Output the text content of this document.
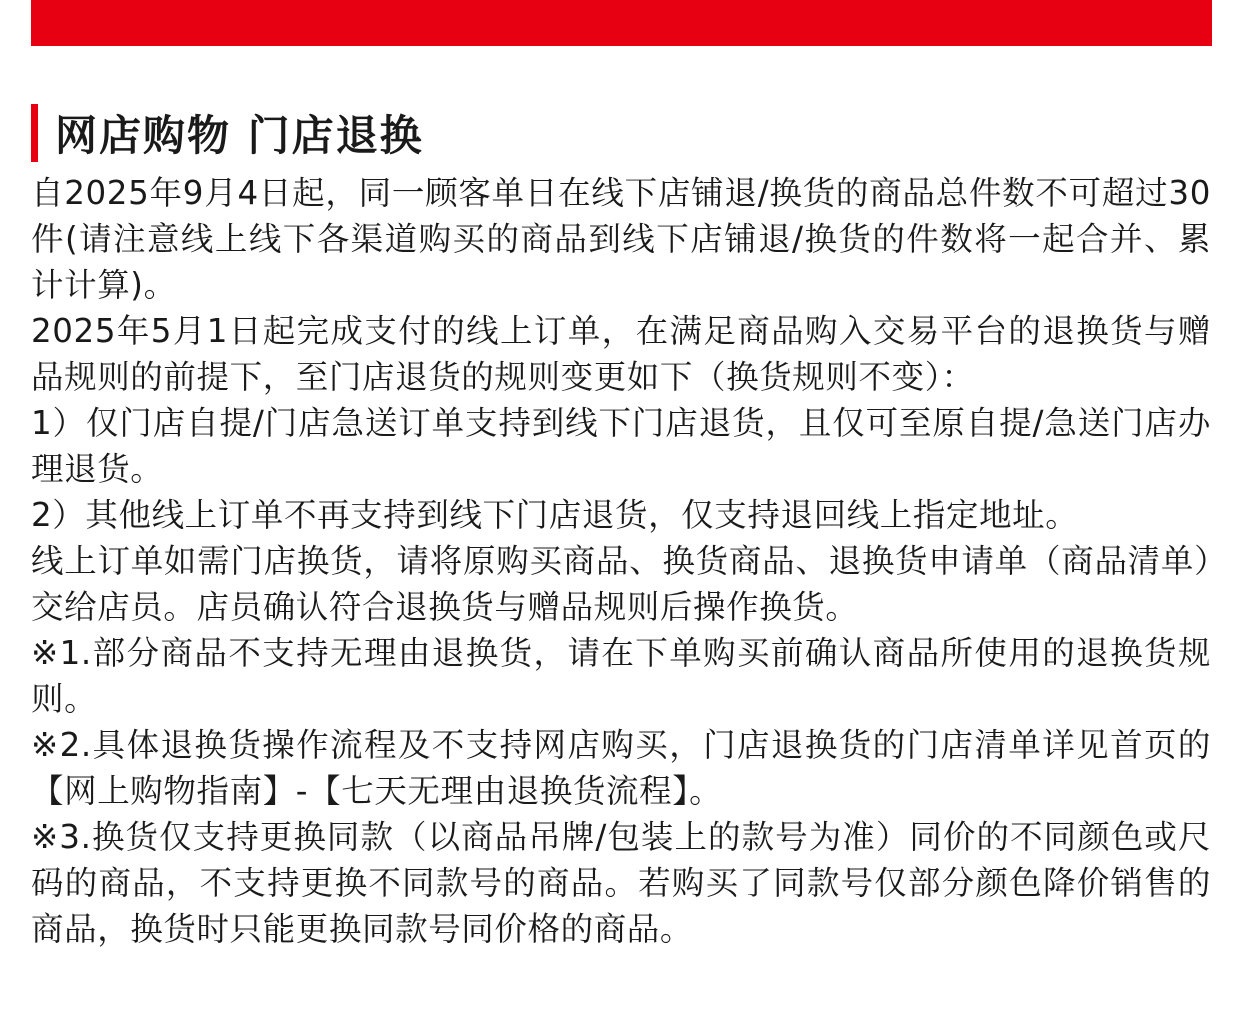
网店购物 门店退换

自2025年9月4日起，同一顾客单日在线下店铺退/换货的商品总件数不可超过30件(请注意线上线下各渠道购买的商品到线下店铺退/换货的件数将一起合并、累计计算)。

2025年5月1日起完成支付的线上订单，在满足商品购入交易平台的退换货与赠品规则的前提下，至门店退货的规则变更如下（换货规则不变）：

1）仅门店自提/门店急送订单支持到线下门店退货，且仅可至原自提/急送门店办理退货。

2）其他线上订单不再支持到线下门店退货，仅支持退回线上指定地址。

线上订单如需门店换货，请将原购买商品、换货商品、退换货申请单（商品清单）交给店员。店员确认符合退换货与赠品规则后操作换货。

※1.部分商品不支持无理由退换货，请在下单购买前确认商品所使用的退换货规则。

※2.具体退换货操作流程及不支持网店购买，门店退换货的门店清单详见首页的【网上购物指南】-【七天无理由退换货流程】。

※3.换货仅支持更换同款（以商品吊牌/包装上的款号为准）同价的不同颜色或尺码的商品，不支持更换不同款号的商品。若购买了同款号仅部分颜色降价销售的商品，换货时只能更换同款号同价格的商品。
